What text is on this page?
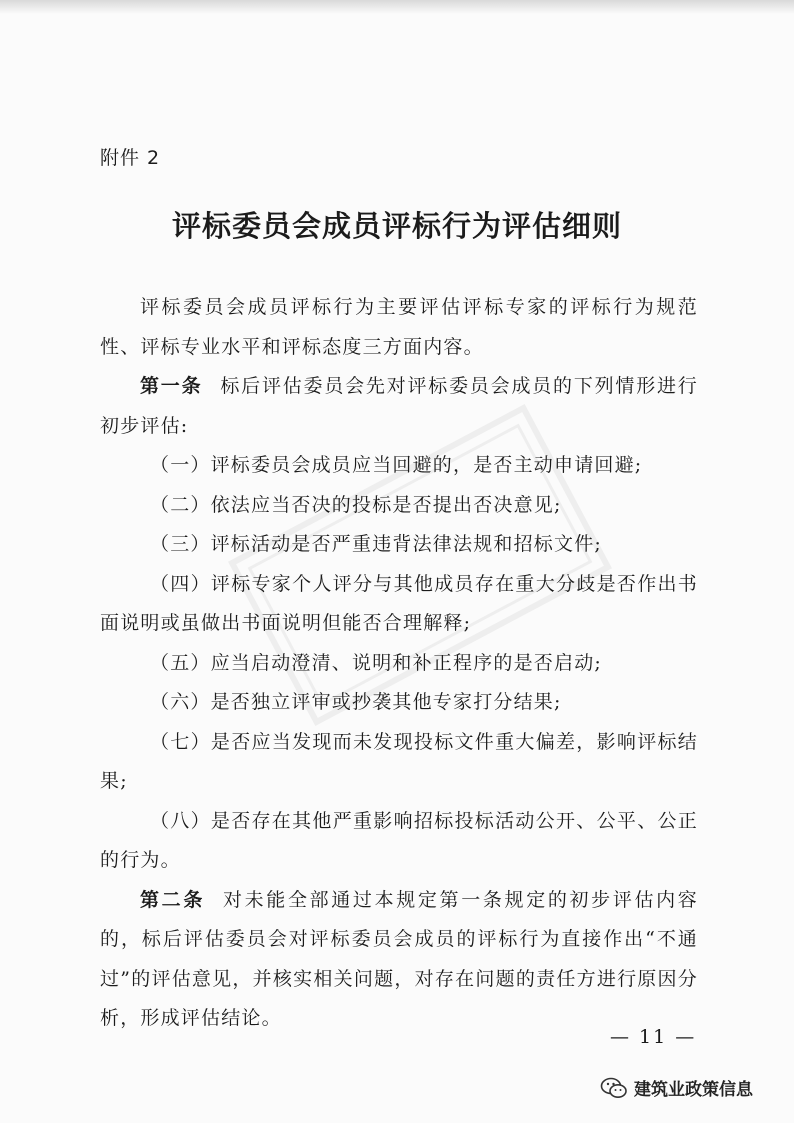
附件 2
评标委员会成员评标行为评估细则

评标委员会成员评标行为主要评估评标专家的评标行为规范性、评标专业水平和评标态度三方面内容。

第一条 标后评估委员会先对评标委员会成员的下列情形进行初步评估:

（一）评标委员会成员应当回避的，是否主动申请回避;

（二）依法应当否决的投标是否提出否决意见;

（三）评标活动是否严重违背法律法规和招标文件;

（四）评标专家个人评分与其他成员存在重大分歧是否作出书面说明或虽做出书面说明但能否合理解释;

（五）应当启动澄清、说明和补正程序的是否启动;

（六）是否独立评审或抄袭其他专家打分结果;

（七）是否应当发现而未发现投标文件重大偏差，影响评标结果;

（八）是否存在其他严重影响招标投标活动公开、公平、公正的行为。

第二条 对未能全部通过本规定第一条规定的初步评估内容的，标后评估委员会对评标委员会成员的评标行为直接作出“不通过”的评估意见，并核实相关问题，对存在问题的责任方进行原因分析，形成评估结论。

— 11 —
建筑业政策信息
